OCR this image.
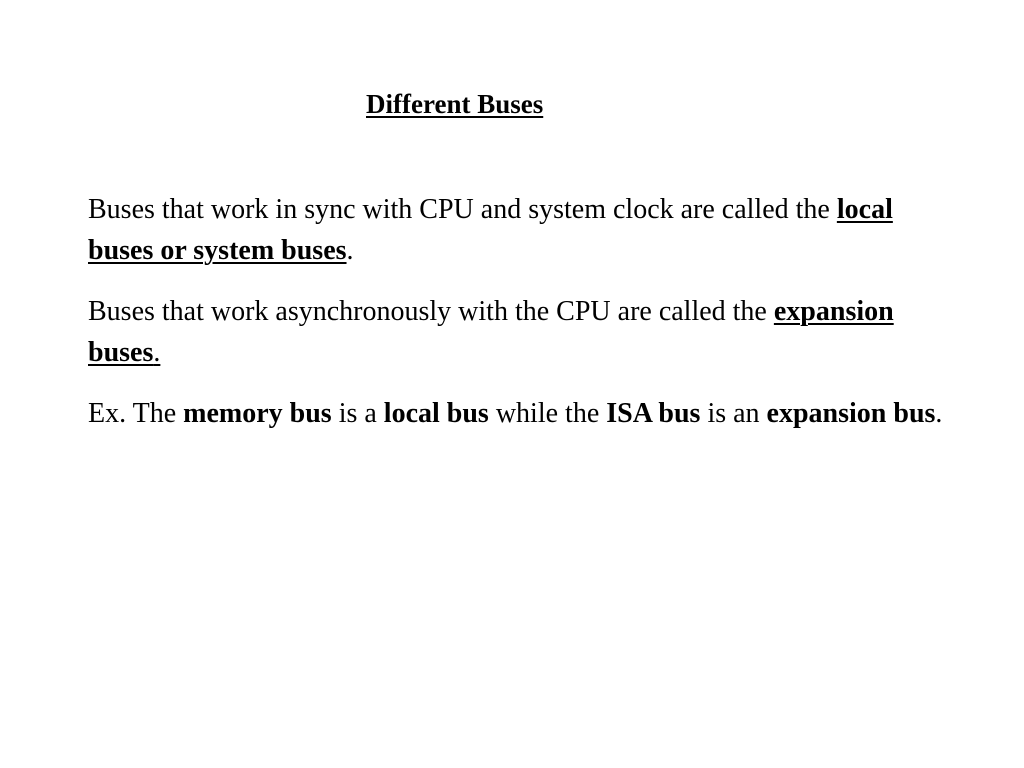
Different Buses

Buses that work in sync with CPU and system clock are called the local buses or system buses.

Buses that work asynchronously with the CPU are called the expansion buses.

Ex. The memory bus is a local bus while the ISA bus is an expansion bus.
